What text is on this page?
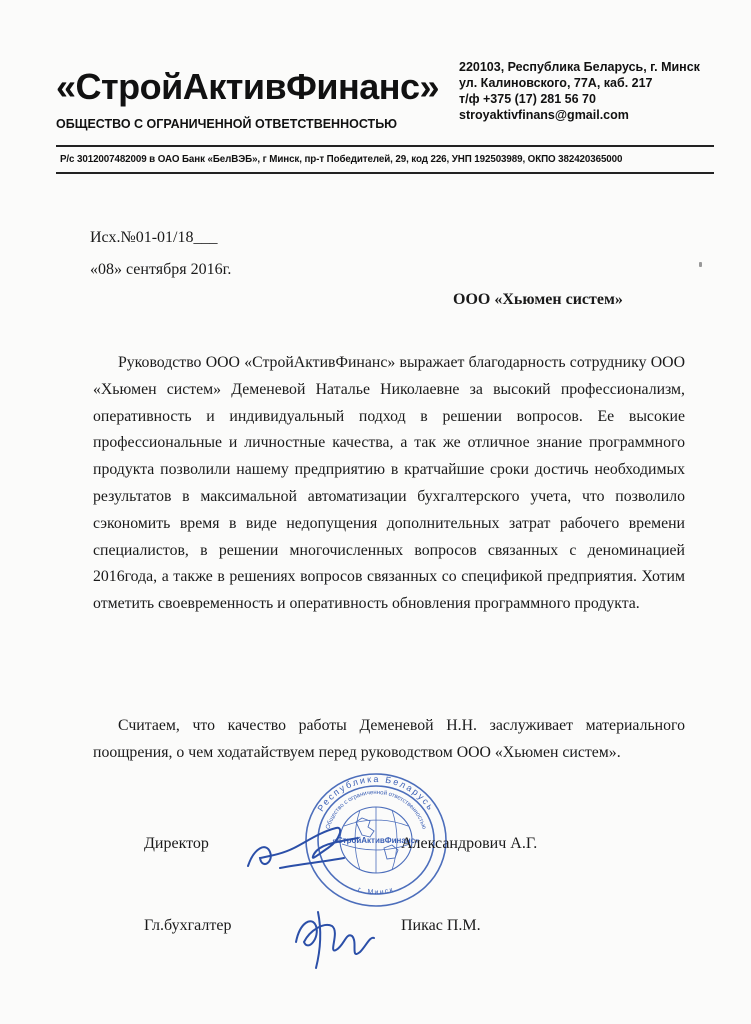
«СтройАктивФинанс»
ОБЩЕСТВО С ОГРАНИЧЕННОЙ ОТВЕТСТВЕННОСТЬЮ
220103, Республика Беларусь, г. Минск
ул. Калиновского, 77А, каб. 217
т/ф +375 (17) 281 56 70
stroyaktivfinans@gmail.com
Р/с 3012007482009 в ОАО Банк «БелВЭБ», г Минск, пр-т Победителей, 29, код 226, УНП 192503989, ОКПО 382420365000
Исх.№01-01/18___
«08» сентября 2016г.
ООО «Хьюмен систем»

Руководство ООО «СтройАктивФинанс» выражает благодарность сотруднику ООО «Хьюмен систем» Деменевой Наталье Николаевне за высокий профессионализм, оперативность и индивидуальный подход в решении вопросов. Ее высокие профессиональные и личностные качества, а так же отличное знание программного продукта позволили нашему предприятию в кратчайшие сроки достичь необходимых результатов в максимальной автоматизации бухгалтерского учета, что позволило сэкономить время в виде недопущения дополнительных затрат рабочего времени специалистов, в решении многочисленных вопросов связанных с деноминацией 2016года, а также в решениях вопросов связанных со спецификой предприятия. Хотим отметить своевременность и оперативность обновления программного продукта.

Считаем, что качество работы Деменевой Н.Н. заслуживает материального поощрения, о чем ходатайствуем перед руководством ООО «Хьюмен систем».

Республика Беларусь
Общество с ограниченной ответственностью
г. Минск
«СтройАктивФинанс»
Директор	Александрович А.Г.
Гл.бухгалтер	Пикас П.М.
